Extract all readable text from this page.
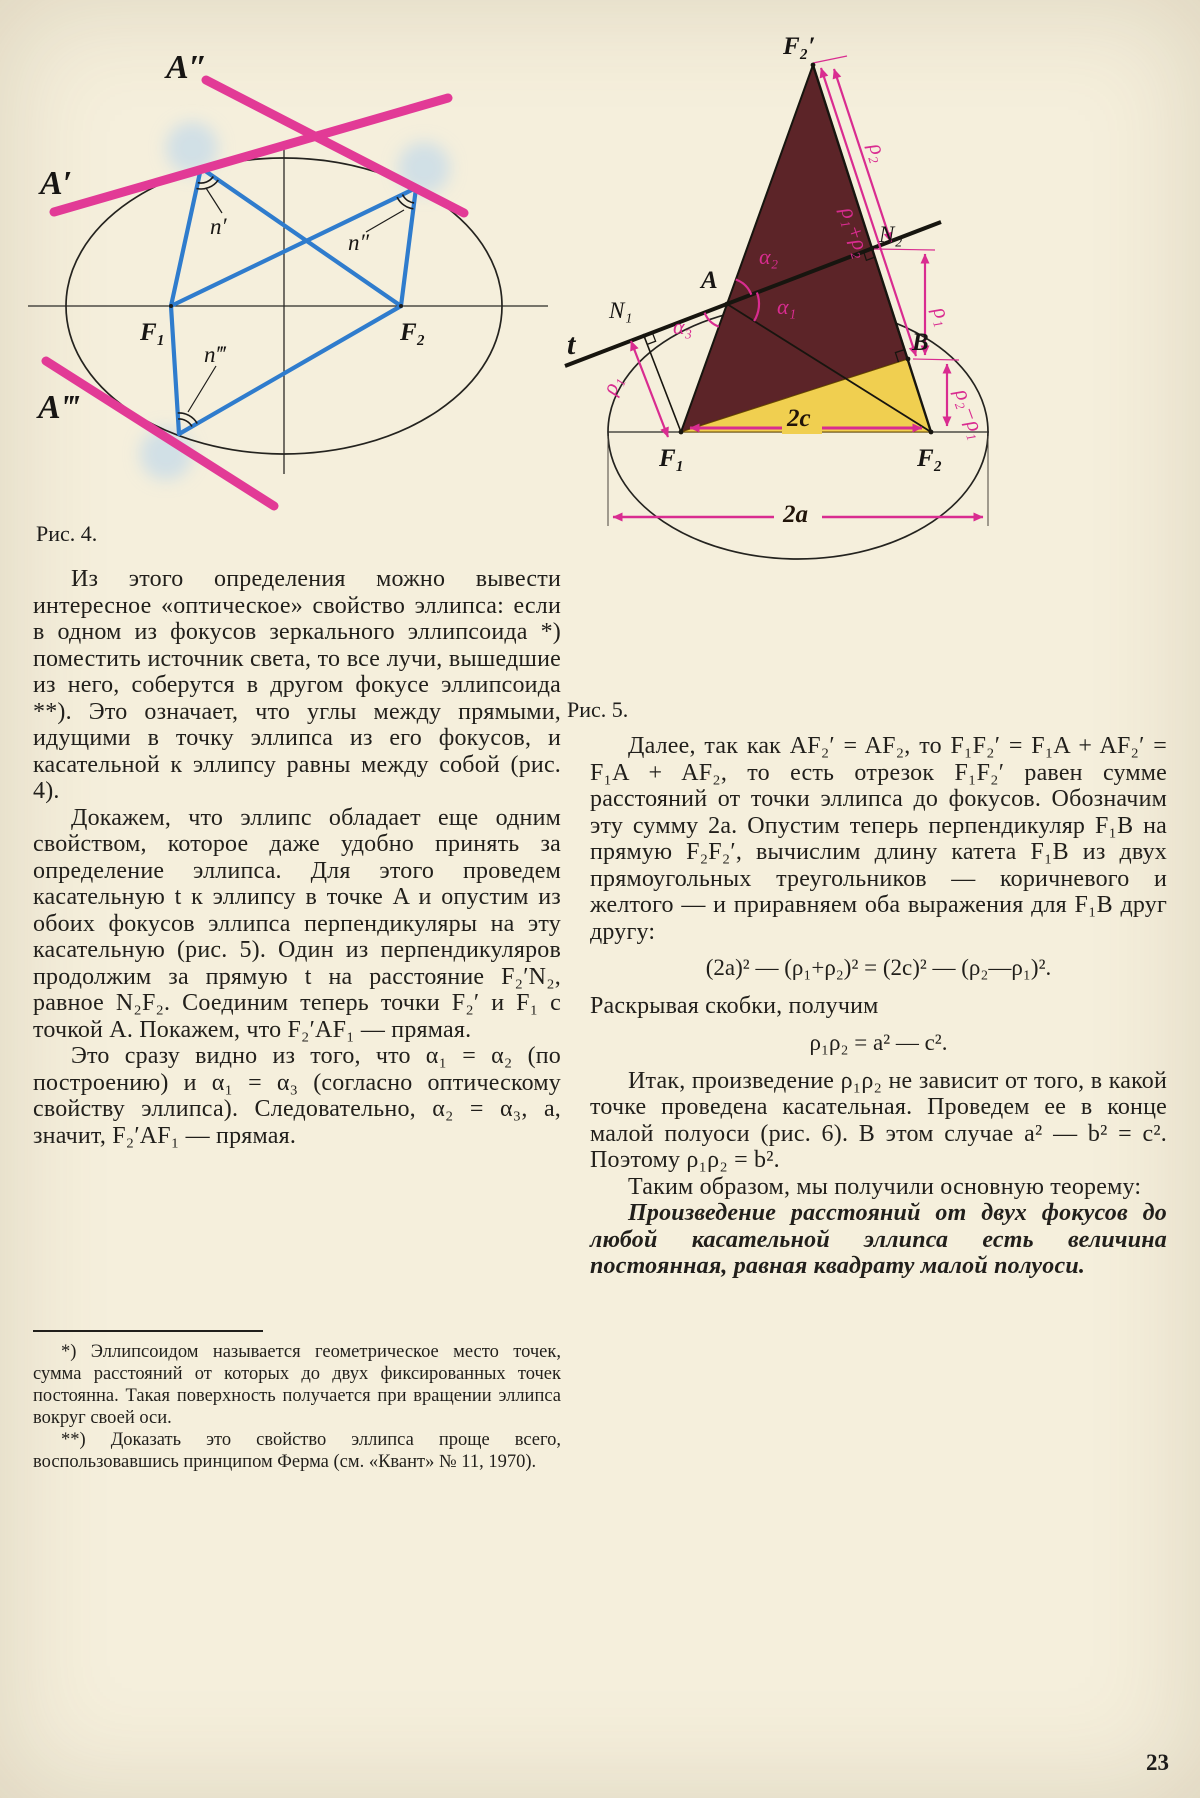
A″
A′
A‴
n′
n″
n‴
F₁	F₂
Рис. 4.
F₂′
t
N₁
N₂
A
B
F₁	F₂
α₂
α₁
α₃
ρ₁
ρ₂
ρ₁+ρ₂
ρ₁
ρ₂−ρ₁
2c
2a
Рис. 5.

Из этого определения можно вывести интересное «оптическое» свойство эллипса: если в одном из фокусов зеркального эллипсоида *) поместить источник света, то все лучи, вышедшие из него, соберутся в другом фокусе эллипсоида **). Это означает, что углы между прямыми, идущими в точку эллипса из его фокусов, и касательной к эллипсу равны между собой (рис. 4).

Докажем, что эллипс обладает еще одним свойством, которое даже удобно принять за определение эллипса. Для этого проведем касательную t к эллипсу в точке A и опустим из обоих фокусов эллипса перпендикуляры на эту касательную (рис. 5). Один из перпендикуляров продолжим за прямую t на расстояние F₂′N₂, равное N₂F₂. Соединим теперь точки F₂′ и F₁ с точкой A. Покажем, что F₂′AF₁ — прямая.

Это сразу видно из того, что α₁ = α₂ (по построению) и α₁ = α₃ (согласно оптическому свойству эллипса). Следовательно, α₂ = α₃, а, значит, F₂′AF₁ — прямая.

*) Эллипсоидом называется геометрическое место точек, сумма расстояний от которых до двух фиксированных точек постоянна. Такая поверхность получается при вращении эллипса вокруг своей оси.

**) Доказать это свойство эллипса проще всего, воспользовавшись принципом Ферма (см. «Квант» № 11, 1970).

Далее, так как AF₂′ = AF₂, то F₁F₂′ = F₁A + AF₂′ = F₁A + AF₂, то есть отрезок F₁F₂′ равен сумме расстояний от точки эллипса до фокусов. Обозначим эту сумму 2a. Опустим теперь перпендикуляр F₁B на прямую F₂F₂′, вычислим длину катета F₁B из двух прямоугольных треугольников — коричневого и желтого — и приравняем оба выражения для F₁B друг другу:

(2a)² — (ρ₁+ρ₂)² = (2c)² — (ρ₂—ρ₁)².

Раскрывая скобки, получим

ρ₁ρ₂ = a² — c².

Итак, произведение ρ₁ρ₂ не зависит от того, в какой точке проведена касательная. Проведем ее в конце малой полуоси (рис. 6). В этом случае a² — b² = c². Поэтому ρ₁ρ₂ = b².

Таким образом, мы получили основную теорему:

Произведение расстояний от двух фокусов до любой касательной эллипса есть величина постоянная, равная квадрату малой полуоси.

23
